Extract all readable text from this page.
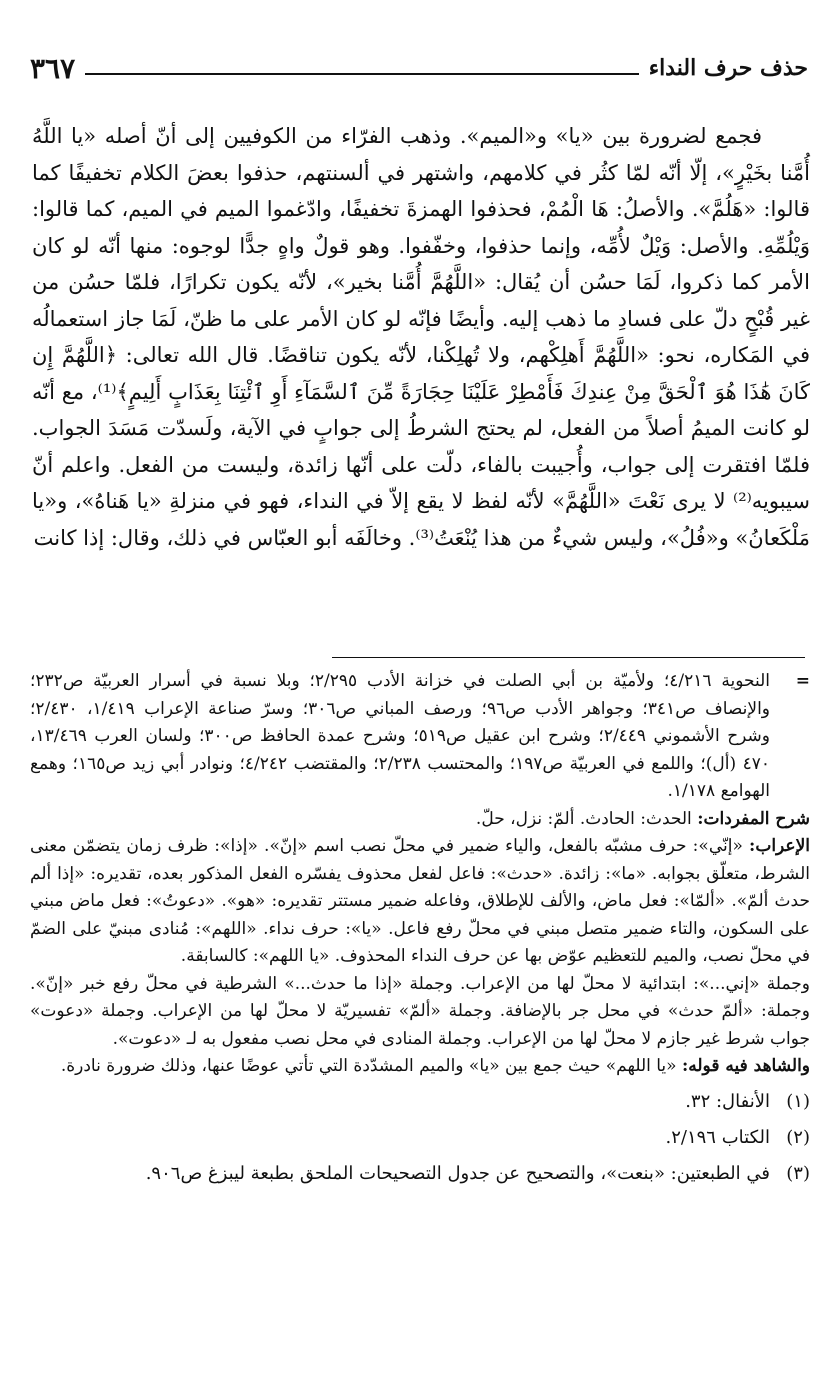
حذف حرف النداء
٣٦٧

فجمع لضرورة بين «يا» و«الميم». وذهب الفرّاء من الكوفيين إلى أنّ أصله «يا اللَّهُ أُمَّنا بخَيْرٍ»، إلّا أنّه لمّا كثُر في كلامهم، واشتهر في ألسنتهم، حذفوا بعضَ الكلام تخفيفًا كما قالوا: «هَلُمَّ». والأصلُ: هَا الْمُمْ، فحذفوا الهمزةَ تخفيفًا، وادّغموا الميم في الميم، كما قالوا: وَيْلُمِّهِ. والأصل: وَيْلٌ لأُمِّه، وإنما حذفوا، وخفّفوا. وهو قولٌ واهٍ جدًّا لوجوه: منها أنّه لو كان الأمر كما ذكروا، لَمَا حسُن أن يُقال: «اللَّهُمَّ أُمَّنا بخير»، لأنّه يكون تكرارًا، فلمّا حسُن من غير قُبْحٍ دلّ على فسادِ ما ذهب إليه. وأيضًا فإنّه لو كان الأمر على ما ظنّ، لَمَا جاز استعمالُه في المَكاره، نحو: «اللَّهُمَّ أَهلِكْهم، ولا تُهلِكْنا، لأنّه يكون تناقضًا. قال الله تعالى: ﴿اللَّهُمَّ إِن كَانَ هَٰذَا هُوَ ٱلْحَقَّ مِنْ عِندِكَ فَأَمْطِرْ عَلَيْنَا حِجَارَةً مِّنَ ٱلسَّمَآءِ أَوِ ٱئْتِنَا بِعَذَابٍ أَلِيمٍ﴾⁽¹⁾، مع أنّه لو كانت الميمُ أصلاً من الفعل، لم يحتج الشرطُ إلى جوابٍ في الآية، ولَسدّت مَسَدَ الجواب. فلمّا افتقرت إلى جواب، وأُجيبت بالفاء، دلّت على أنّها زائدة، وليست من الفعل. واعلم أنّ سيبويه⁽²⁾ لا يرى نَعْتَ «اللَّهُمَّ» لأنّه لفظ لا يقع إلاّ في النداء، فهو في منزلةِ «يا هَناهُ»، و«يا مَلْكَعانُ» و«فُلُ»، وليس شيءٌ من هذا يُنْعَتُ⁽³⁾. وخالَفَه أبو العبّاس في ذلك، وقال: إذا كانت

=
النحوية ٤/٢١٦؛ ولأميّة بن أبي الصلت في خزانة الأدب ٢/٢٩٥؛ وبلا نسبة في أسرار العربيّة ص٢٣٢؛ والإنصاف ص٣٤١؛ وجواهر الأدب ص٩٦؛ ورصف المباني ص٣٠٦؛ وسرّ صناعة الإعراب ١/٤١٩، ٢/٤٣٠؛ وشرح الأشموني ٢/٤٤٩؛ وشرح ابن عقيل ص٥١٩؛ وشرح عمدة الحافظ ص٣٠٠؛ ولسان العرب ١٣/٤٦٩، ٤٧٠ (أل)؛ واللمع في العربيّة ص١٩٧؛ والمحتسب ٢/٢٣٨؛ والمقتضب ٤/٢٤٢؛ ونوادر أبي زيد ص١٦٥؛ وهمع الهوامع ١/١٧٨.

شرح المفردات: الحدث: الحادث. ألمّ: نزل، حلّ.

الإعراب: «إنّي»: حرف مشبّه بالفعل، والياء ضمير في محلّ نصب اسم «إنّ». «إذا»: ظرف زمان يتضمّن معنى الشرط، متعلّق بجوابه. «ما»: زائدة. «حدث»: فاعل لفعل محذوف يفسّره الفعل المذكور بعده، تقديره: «إذا ألم حدث ألمّ». «ألمّا»: فعل ماض، والألف للإطلاق، وفاعله ضمير مستتر تقديره: «هو». «دعوتُ»: فعل ماض مبني على السكون، والتاء ضمير متصل مبني في محلّ رفع فاعل. «يا»: حرف نداء. «اللهم»: مُنادى مبنيّ على الضمّ في محلّ نصب، والميم للتعظيم عوّض بها عن حرف النداء المحذوف. «يا اللهم»: كالسابقة.

وجملة «إني...»: ابتدائية لا محلّ لها من الإعراب. وجملة «إذا ما حدث...» الشرطية في محلّ رفع خبر «إنّ». وجملة: «ألمّ حدث» في محل جر بالإضافة. وجملة «ألمّ» تفسيريّة لا محلّ لها من الإعراب. وجملة «دعوت» جواب شرط غير جازم لا محلّ لها من الإعراب. وجملة المنادى في محل نصب مفعول به لـ «دعوت».

والشاهد فيه قوله: «يا اللهم» حيث جمع بين «يا» والميم المشدّدة التي تأتي عوضًا عنها، وذلك ضرورة نادرة.

(١)
الأنفال: ٣٢.
(٢)
الكتاب ٢/١٩٦.
(٣)
في الطبعتين: «بنعت»، والتصحيح عن جدول التصحيحات الملحق بطبعة ليبزغ ص٩٠٦.
